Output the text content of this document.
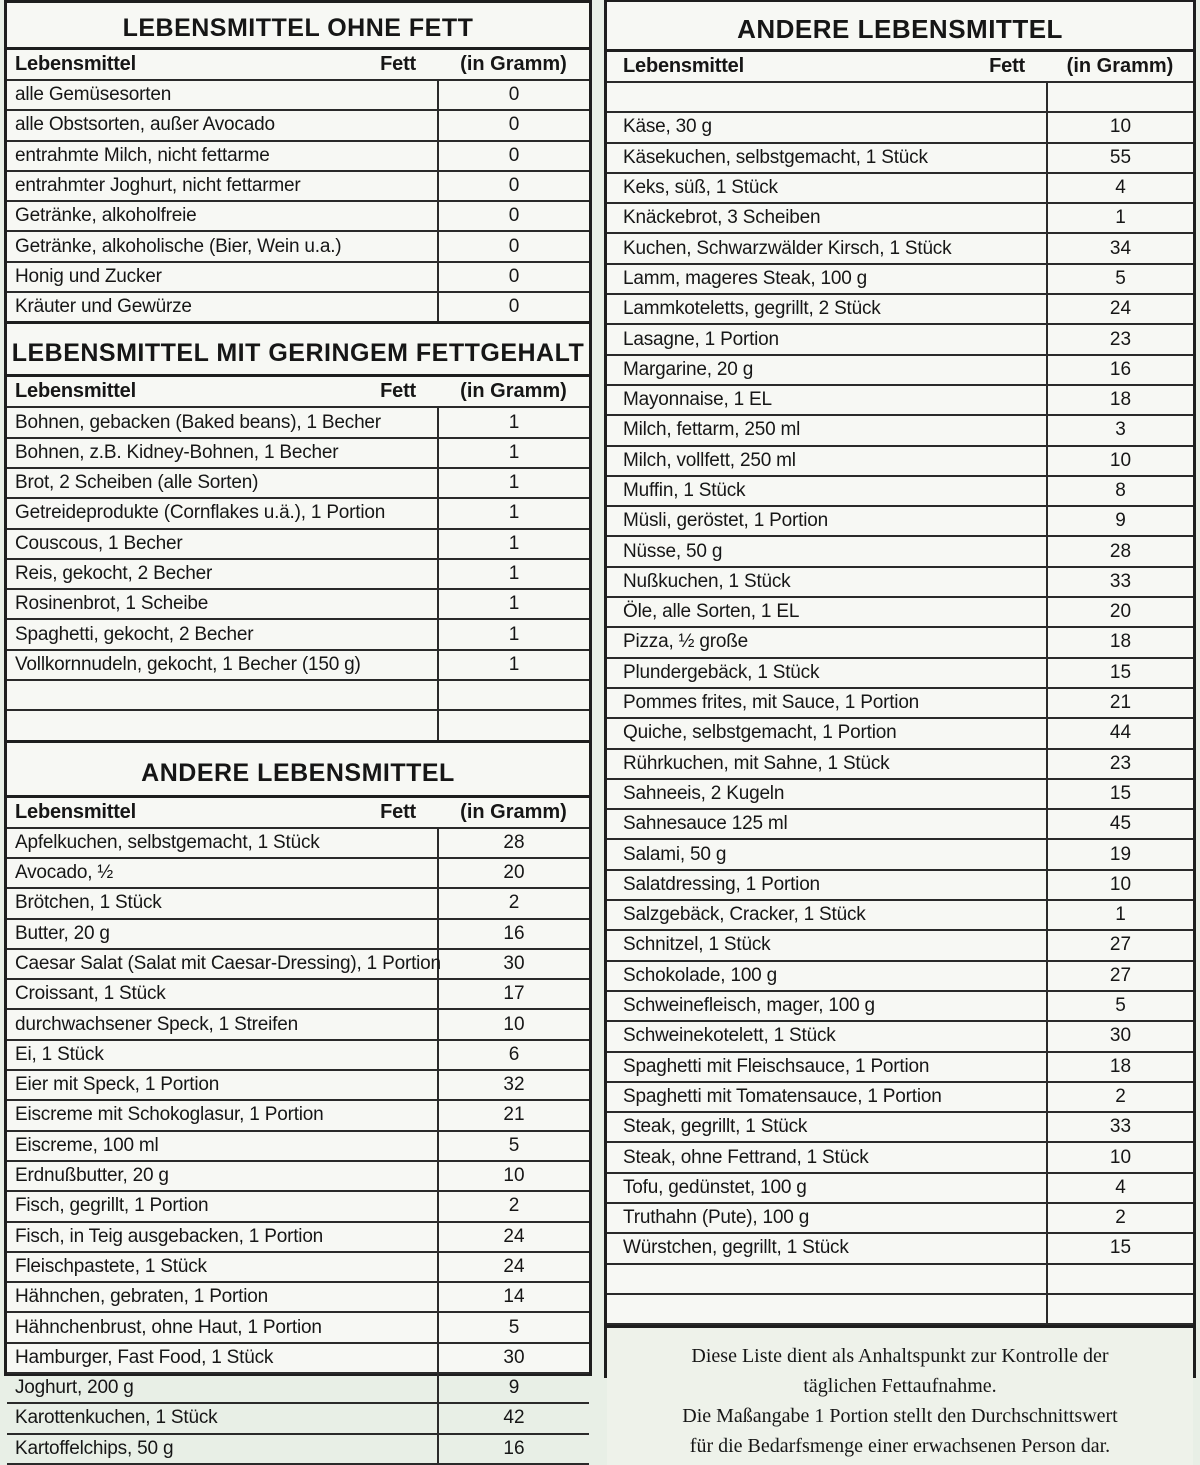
LEBENSMITTEL OHNE FETT
Lebensmittel Fett	(in Gramm)
alle Gemüsesorten	0
alle Obstsorten, außer Avocado	0
entrahmte Milch, nicht fettarme	0
entrahmter Joghurt, nicht fettarmer	0
Getränke, alkoholfreie	0
Getränke, alkoholische (Bier, Wein u.a.)	0
Honig und Zucker	0
Kräuter und Gewürze	0
LEBENSMITTEL MIT GERINGEM FETTGEHALT
Lebensmittel Fett	(in Gramm)
Bohnen, gebacken (Baked beans), 1 Becher	1
Bohnen, z.B. Kidney-Bohnen, 1 Becher	1
Brot, 2 Scheiben (alle Sorten)	1
Getreideprodukte (Cornflakes u.ä.), 1 Portion	1
Couscous, 1 Becher	1
Reis, gekocht, 2 Becher	1
Rosinenbrot, 1 Scheibe	1
Spaghetti, gekocht, 2 Becher	1
Vollkornnudeln, gekocht, 1 Becher (150 g)	1

ANDERE LEBENSMITTEL
Lebensmittel Fett	(in Gramm)
Apfelkuchen, selbstgemacht, 1 Stück	28
Avocado, ½	20
Brötchen, 1 Stück	2
Butter, 20 g	16
Caesar Salat (Salat mit Caesar-Dressing), 1 Portion	30
Croissant, 1 Stück	17
durchwachsener Speck, 1 Streifen	10
Ei, 1 Stück	6
Eier mit Speck, 1 Portion	32
Eiscreme mit Schokoglasur, 1 Portion	21
Eiscreme, 100 ml	5
Erdnußbutter, 20 g	10
Fisch, gegrillt, 1 Portion	2
Fisch, in Teig ausgebacken, 1 Portion	24
Fleischpastete, 1 Stück	24
Hähnchen, gebraten, 1 Portion	14
Hähnchenbrust, ohne Haut, 1 Portion	5
Hamburger, Fast Food, 1 Stück	30
Joghurt, 200 g	9
Karottenkuchen, 1 Stück	42
Kartoffelchips, 50 g	16
ANDERE LEBENSMITTEL
Lebensmittel Fett	(in Gramm)

Käse, 30 g	10
Käsekuchen, selbstgemacht, 1 Stück	55
Keks, süß, 1 Stück	4
Knäckebrot, 3 Scheiben	1
Kuchen, Schwarzwälder Kirsch, 1 Stück	34
Lamm, mageres Steak, 100 g	5
Lammkoteletts, gegrillt, 2 Stück	24
Lasagne, 1 Portion	23
Margarine, 20 g	16
Mayonnaise, 1 EL	18
Milch, fettarm, 250 ml	3
Milch, vollfett, 250 ml	10
Muffin, 1 Stück	8
Müsli, geröstet, 1 Portion	9
Nüsse, 50 g	28
Nußkuchen, 1 Stück	33
Öle, alle Sorten, 1 EL	20
Pizza, ½ große	18
Plundergebäck, 1 Stück	15
Pommes frites, mit Sauce, 1 Portion	21
Quiche, selbstgemacht, 1 Portion	44
Rührkuchen, mit Sahne, 1 Stück	23
Sahneeis, 2 Kugeln	15
Sahnesauce 125 ml	45
Salami, 50 g	19
Salatdressing, 1 Portion	10
Salzgebäck, Cracker, 1 Stück	1
Schnitzel, 1 Stück	27
Schokolade, 100 g	27
Schweinefleisch, mager, 100 g	5
Schweinekotelett, 1 Stück	30
Spaghetti mit Fleischsauce, 1 Portion	18
Spaghetti mit Tomatensauce, 1 Portion	2
Steak, gegrillt, 1 Stück	33
Steak, ohne Fettrand, 1 Stück	10
Tofu, gedünstet, 100 g	4
Truthahn (Pute), 100 g	2
Würstchen, gegrillt, 1 Stück	15

Diese Liste dient als Anhaltspunkt zur Kontrolle der
täglichen Fettaufnahme.
Die Maßangabe 1 Portion stellt den Durchschnittswert
für die Bedarfsmenge einer erwachsenen Person dar.
